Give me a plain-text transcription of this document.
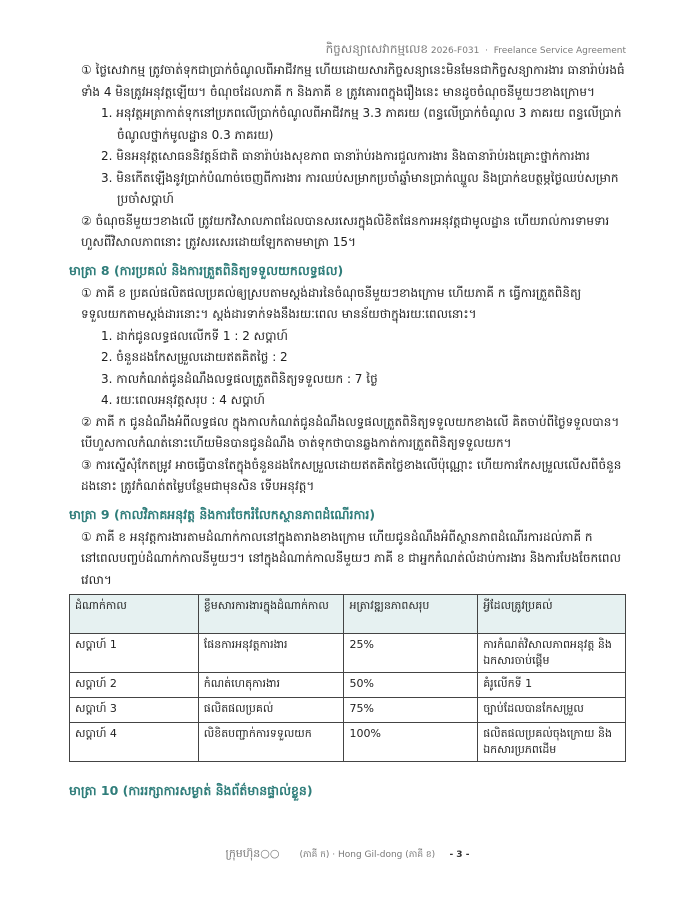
កិច្ចសន្យាសេវាកម្មលេខ 2026-F031 · Freelance Service Agreement

① ថ្លៃសេវាកម្ម ត្រូវចាត់ទុកជាប្រាក់ចំណូលពីអាជីវកម្ម ហើយដោយសារកិច្ចសន្យានេះមិនមែនជាកិច្ចសន្យាការងារ ធានារ៉ាប់រងធំទាំង 4 មិនត្រូវអនុវត្តឡើយ។ ចំណុចដែលភាគី ក និងភាគី ខ ត្រូវគោរពក្នុងរឿងនេះ មានដូចចំណុចនីមួយៗខាងក្រោម។

1. អនុវត្តអត្រាកាត់ទុកនៅប្រភពលើប្រាក់ចំណូលពីអាជីវកម្ម 3.3 ភាគរយ (ពន្ធលើប្រាក់ចំណូល 3 ភាគរយ ពន្ធលើប្រាក់ចំណូលថ្នាក់មូលដ្ឋាន 0.3 ភាគរយ)

2. មិនអនុវត្តសោធននិវត្តន៍ជាតិ ធានារ៉ាប់រងសុខភាព ធានារ៉ាប់រងការជួលការងារ និងធានារ៉ាប់រងគ្រោះថ្នាក់ការងារ

3. មិនកើតឡើងនូវប្រាក់បំណាច់ចេញពីការងារ ការឈប់សម្រាកប្រចាំឆ្នាំមានប្រាក់ឈ្នួល និងប្រាក់ឧបត្ថម្ភថ្ងៃឈប់សម្រាកប្រចាំសប្ដាហ៍

② ចំណុចនីមួយៗខាងលើ ត្រូវយកវិសាលភាពដែលបានសរសេរក្នុងលិខិតផែនការអនុវត្តជាមូលដ្ឋាន ហើយរាល់ការទាមទារហួសពីវិសាលភាពនោះ ត្រូវសរសេរដោយឡែកតាមមាត្រា 15។

មាត្រា 8 (ការប្រគល់ និងការត្រួតពិនិត្យទទួលយកលទ្ធផល)

① ភាគី ខ ប្រគល់ផលិតផលប្រគល់ឲ្យស្របតាមស្តង់ដារនៃចំណុចនីមួយៗខាងក្រោម ហើយភាគី ក ធ្វើការត្រួតពិនិត្យទទួលយកតាមស្តង់ដារនោះ។ ស្តង់ដារទាក់ទងនឹងរយៈពេល មានន័យថាក្នុងរយៈពេលនោះ។

1. ដាក់ជូនលទ្ធផលលើកទី 1 : 2 សប្ដាហ៍

2. ចំនួនដងកែសម្រួលដោយឥតគិតថ្លៃ : 2

3. កាលកំណត់ជូនដំណឹងលទ្ធផលត្រួតពិនិត្យទទួលយក : 7 ថ្ងៃ

4. រយៈពេលអនុវត្តសរុប : 4 សប្ដាហ៍

② ភាគី ក ជូនដំណឹងអំពីលទ្ធផល ក្នុងកាលកំណត់ជូនដំណឹងលទ្ធផលត្រួតពិនិត្យទទួលយកខាងលើ គិតចាប់ពីថ្ងៃទទួលបាន។ បើហួសកាលកំណត់នោះហើយមិនបានជូនដំណឹង ចាត់ទុកថាបានឆ្លងកាត់ការត្រួតពិនិត្យទទួលយក។

③ ការស្នើសុំកែតម្រូវ អាចធ្វើបានតែក្នុងចំនួនដងកែសម្រួលដោយឥតគិតថ្លៃខាងលើប៉ុណ្ណោះ ហើយការកែសម្រួលលើសពីចំនួនដងនោះ ត្រូវកំណត់តម្លៃបន្ថែមជាមុនសិន ទើបអនុវត្ត។

មាត្រា 9 (កាលវិភាគអនុវត្ត និងការចែករំលែកស្ថានភាពដំណើរការ)

① ភាគី ខ អនុវត្តការងារតាមដំណាក់កាលនៅក្នុងតារាងខាងក្រោម ហើយជូនដំណឹងអំពីស្ថានភាពដំណើរការដល់ភាគី ក នៅពេលបញ្ចប់ដំណាក់កាលនីមួយៗ។ នៅក្នុងដំណាក់កាលនីមួយៗ ភាគី ខ ជាអ្នកកំណត់លំដាប់ការងារ និងការបែងចែកពេលវេលា។

ដំណាក់កាល	ខ្លឹមសារការងារក្នុងដំណាក់កាល	អត្រាវឌ្ឍនភាពសរុប	អ្វីដែលត្រូវប្រគល់
សប្ដាហ៍ 1	ផែនការអនុវត្តការងារ	25%	ការកំណត់វិសាលភាពអនុវត្ត និងឯកសារចាប់ផ្ដើម
សប្ដាហ៍ 2	កំណត់ហេតុការងារ	50%	គំរូលើកទី 1
សប្ដាហ៍ 3	ផលិតផលប្រគល់	75%	ច្បាប់ដែលបានកែសម្រួល
សប្ដាហ៍ 4	លិខិតបញ្ជាក់ការទទួលយក	100%	ផលិតផលប្រគល់ចុងក្រោយ និងឯកសារប្រភពដើម
មាត្រា 10 (ការរក្សាការសម្ងាត់ និងព័ត៌មានផ្ទាល់ខ្លួន)
ក្រុមហ៊ុន○○ (ភាគី ក) · Hong Gil-dong (ភាគី ខ) - 3 -
